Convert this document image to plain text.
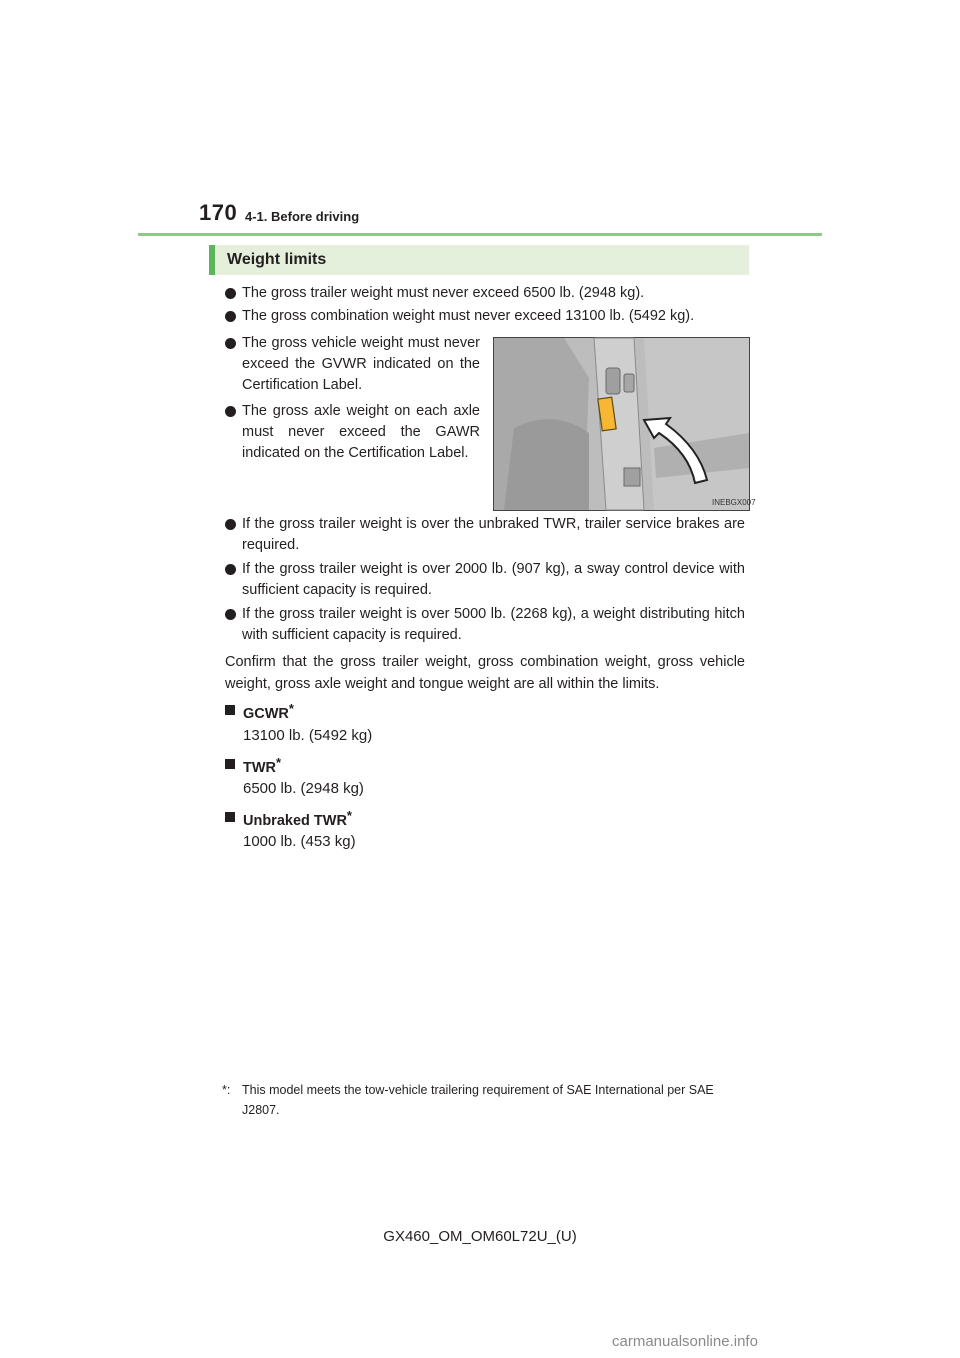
170 4-1. Before driving
Weight limits
The gross trailer weight must never exceed 6500 lb. (2948 kg).
The gross combination weight must never exceed 13100 lb. (5492 kg).
The gross vehicle weight must never exceed the GVWR indicated on the Certification Label.
The gross axle weight on each axle must never exceed the GAWR indicated on the Certification Label.
INEBGX007
If the gross trailer weight is over the unbraked TWR, trailer service brakes are required.
If the gross trailer weight is over 2000 lb. (907 kg), a sway control device with sufficient capacity is required.
If the gross trailer weight is over 5000 lb. (2268 kg), a weight distributing hitch with sufficient capacity is required.
Confirm that the gross trailer weight, gross combination weight, gross vehicle weight, gross axle weight and tongue weight are all within the limits.
GCWR*
13100 lb. (5492 kg)
TWR*
6500 lb. (2948 kg)
Unbraked TWR*
1000 lb. (453 kg)
*: This model meets the tow-vehicle trailering requirement of SAE International per SAE J2807.
GX460_OM_OM60L72U_(U)
carmanualsonline.info
